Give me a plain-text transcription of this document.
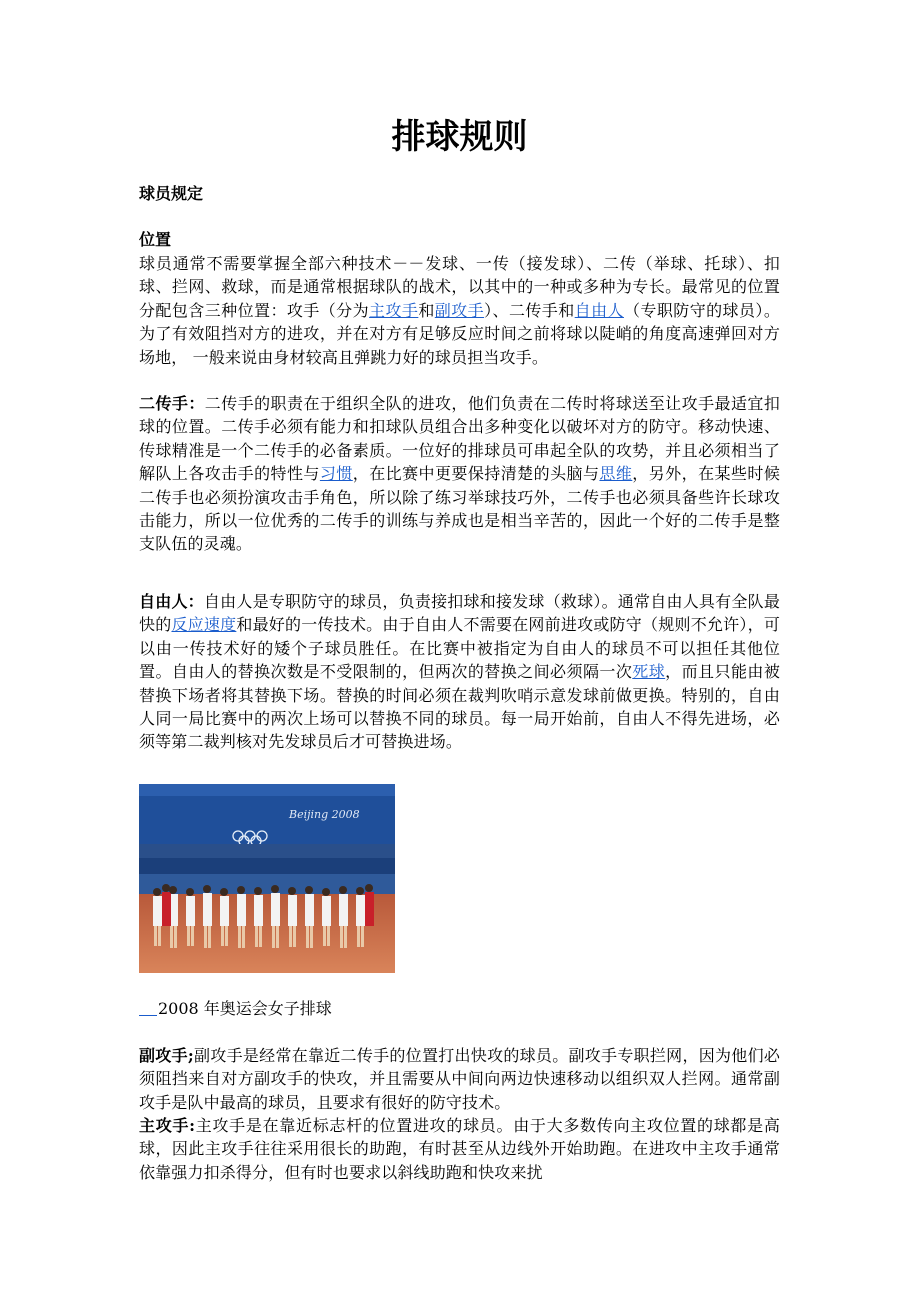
排球规则

球员规定

位置

球员通常不需要掌握全部六种技术－－发球、一传（接发球）、二传（举球、托球）、扣球、拦网、救球，而是通常根据球队的战术，以其中的一种或多种为专长。最常见的位置分配包含三种位置：攻手（分为主攻手和副攻手）、二传手和自由人（专职防守的球员）。 为了有效阻挡对方的进攻，并在对方有足够反应时间之前将球以陡峭的角度高速弹回对方场地， 一般来说由身材较高且弹跳力好的球员担当攻手。

二传手：二传手的职责在于组织全队的进攻，他们负责在二传时将球送至让攻手最适宜扣球的位置。二传手必须有能力和扣球队员组合出多种变化以破坏对方的防守。移动快速、传球精准是一个二传手的必备素质。一位好的排球员可串起全队的攻势，并且必须相当了解队上各攻击手的特性与习惯，在比赛中更要保持清楚的头脑与思维，另外，在某些时候二传手也必须扮演攻击手角色，所以除了练习举球技巧外，二传手也必须具备些许长球攻击能力，所以一位优秀的二传手的训练与养成也是相当辛苦的，因此一个好的二传手是整支队伍的灵魂。

自由人：自由人是专职防守的球员，负责接扣球和接发球（救球）。通常自由人具有全队最快的反应速度和最好的一传技术。由于自由人不需要在网前进攻或防守（规则不允许），可以由一传技术好的矮个子球员胜任。在比赛中被指定为自由人的球员不可以担任其他位置。自由人的替换次数是不受限制的，但两次的替换之间必须隔一次死球，而且只能由被替换下场者将其替换下场。替换的时间必须在裁判吹哨示意发球前做更换。特别的，自由人同一局比赛中的两次上场可以替换不同的球员。每一局开始前，自由人不得先进场，必须等第二裁判核对先发球员后才可替换进场。

Beijing 2008

2008 年奥运会女子排球

副攻手;副攻手是经常在靠近二传手的位置打出快攻的球员。副攻手专职拦网，因为他们必须阻挡来自对方副攻手的快攻，并且需要从中间向两边快速移动以组织双人拦网。通常副攻手是队中最高的球员，且要求有很好的防守技术。

主攻手:主攻手是在靠近标志杆的位置进攻的球员。由于大多数传向主攻位置的球都是高球，因此主攻手往往采用很长的助跑，有时甚至从边线外开始助跑。在进攻中主攻手通常依靠强力扣杀得分，但有时也要求以斜线助跑和快攻来扰
